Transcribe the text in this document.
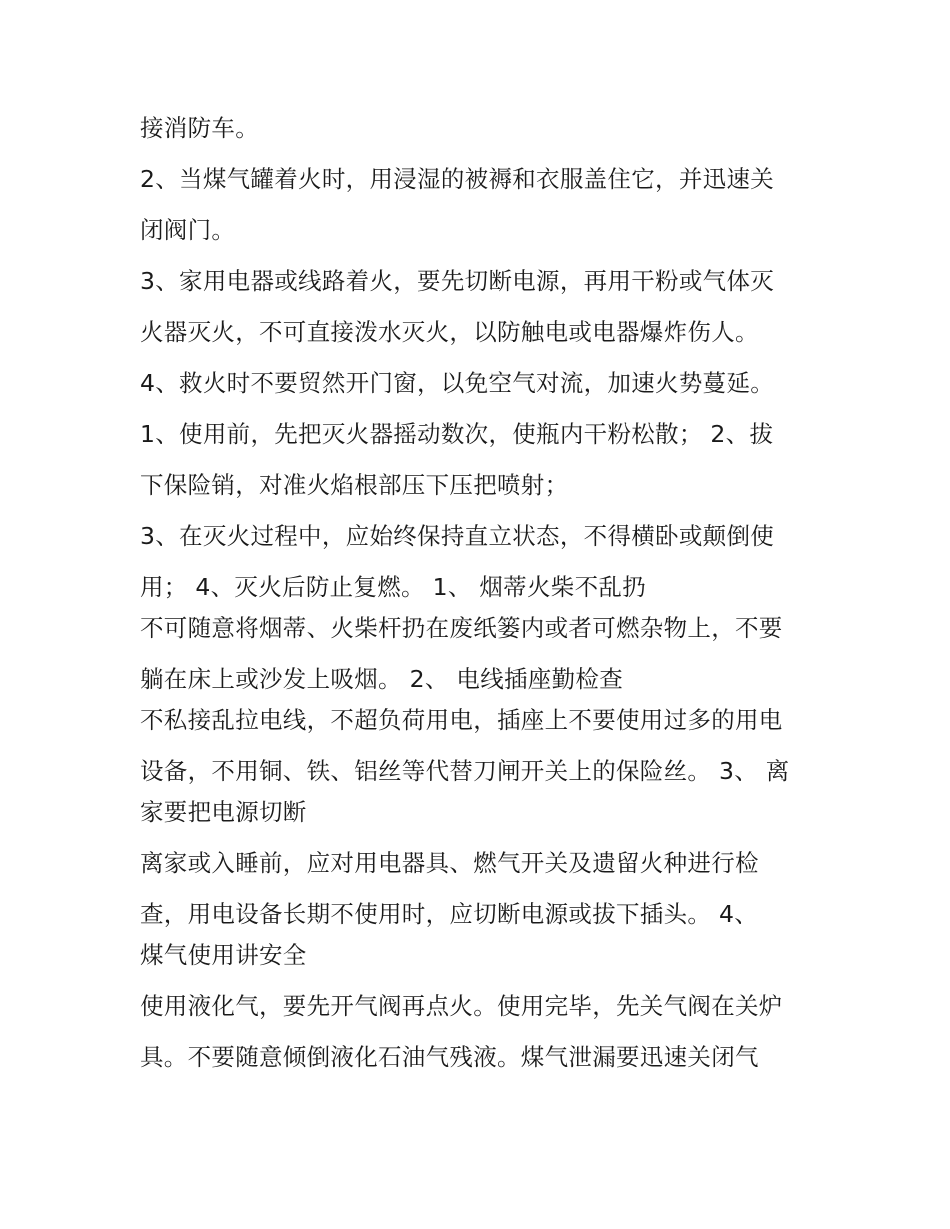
接消防车。
2、当煤气罐着火时，用浸湿的被褥和衣服盖住它，并迅速关
闭阀门。
3、家用电器或线路着火，要先切断电源，再用干粉或气体灭
火器灭火，不可直接泼水灭火，以防触电或电器爆炸伤人。
4、救火时不要贸然开门窗，以免空气对流，加速火势蔓延。
1、使用前，先把灭火器摇动数次，使瓶内干粉松散； 2、拔
下保险销，对准火焰根部压下压把喷射；
3、在灭火过程中，应始终保持直立状态，不得横卧或颠倒使
用； 4、灭火后防止复燃。 1、 烟蒂火柴不乱扔
不可随意将烟蒂、火柴杆扔在废纸篓内或者可燃杂物上，不要
躺在床上或沙发上吸烟。 2、 电线插座勤检查
不私接乱拉电线，不超负荷用电，插座上不要使用过多的用电
设备，不用铜、铁、铝丝等代替刀闸开关上的保险丝。 3、 离
家要把电源切断
离家或入睡前，应对用电器具、燃气开关及遗留火种进行检
查，用电设备长期不使用时，应切断电源或拔下插头。 4、
煤气使用讲安全
使用液化气，要先开气阀再点火。使用完毕，先关气阀在关炉
具。不要随意倾倒液化石油气残液。煤气泄漏要迅速关闭气
